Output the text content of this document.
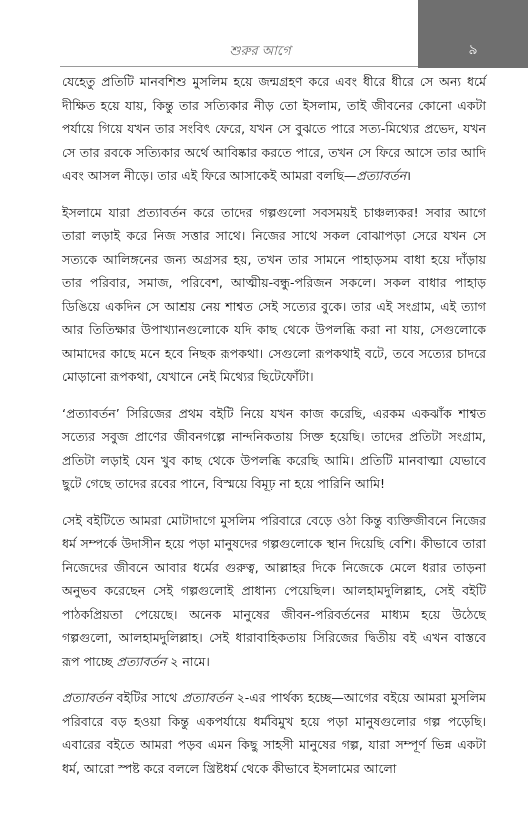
শুরুর আগে	৯

যেহেতু প্রতিটি মানবশিশু মুসলিম হয়ে জন্মগ্রহণ করে এবং ধীরে ধীরে সে অন্য ধর্মে দীক্ষিত হয়ে যায়, কিন্তু তার সত্যিকার নীড় তো ইসলাম, তাই জীবনের কোনো একটা পর্যায়ে গিয়ে যখন তার সংবিৎ ফেরে, যখন সে বুঝতে পারে সত্য-মিথ্যের প্রভেদ, যখন সে তার রবকে সত্যিকার অর্থে আবিষ্কার করতে পারে, তখন সে ফিরে আসে তার আদি এবং আসল নীড়ে। তার এই ফিরে আসাকেই আমরা বলছি—প্রত্যাবর্তন।

ইসলামে যারা প্রত্যাবর্তন করে তাদের গল্পগুলো সবসময়ই চাঞ্চল্যকর! সবার আগে তারা লড়াই করে নিজ সত্তার সাথে। নিজের সাথে সকল বোঝাপড়া সেরে যখন সে সত্যকে আলিঙ্গনের জন্য অগ্রসর হয়, তখন তার সামনে পাহাড়সম বাধা হয়ে দাঁড়ায় তার পরিবার, সমাজ, পরিবেশ, আত্মীয়-বন্ধু-পরিজন সকলে। সকল বাধার পাহাড় ডিঙিয়ে একদিন সে আশ্রয় নেয় শাশ্বত সেই সত্যের বুকে। তার এই সংগ্রাম, এই ত্যাগ আর তিতিক্ষার উপাখ্যানগুলোকে যদি কাছ থেকে উপলব্ধি করা না যায়, সেগুলোকে আমাদের কাছে মনে হবে নিছক রূপকথা। সেগুলো রূপকথাই বটে, তবে সত্যের চাদরে মোড়ানো রূপকথা, যেখানে নেই মিথ্যের ছিটেফোঁটা।

‘প্রত্যাবর্তন’ সিরিজের প্রথম বইটি নিয়ে যখন কাজ করেছি, এরকম একঝাঁক শাশ্বত সত্যের সবুজ প্রাণের জীবনগল্পে নান্দনিকতায় সিক্ত হয়েছি। তাদের প্রতিটা সংগ্রাম, প্রতিটা লড়াই যেন খুব কাছ থেকে উপলব্ধি করেছি আমি। প্রতিটি মানবাত্মা যেভাবে ছুটে গেছে তাদের রবের পানে, বিস্ময়ে বিমূঢ় না হয়ে পারিনি আমি!

সেই বইটিতে আমরা মোটাদাগে মুসলিম পরিবারে বেড়ে ওঠা কিন্তু ব্যক্তিজীবনে নিজের ধর্ম সম্পর্কে উদাসীন হয়ে পড়া মানুষদের গল্পগুলোকে স্থান দিয়েছি বেশি। কীভাবে তারা নিজেদের জীবনে আবার ধর্মের গুরুত্ব, আল্লাহর দিকে নিজেকে মেলে ধরার তাড়না অনুভব করেছেন সেই গল্পগুলোই প্রাধান্য পেয়েছিল। আলহামদুলিল্লাহ, সেই বইটি পাঠকপ্রিয়তা পেয়েছে। অনেক মানুষের জীবন-পরিবর্তনের মাধ্যম হয়ে উঠেছে গল্পগুলো, আলহামদুলিল্লাহ। সেই ধারাবাহিকতায় সিরিজের দ্বিতীয় বই এখন বাস্তবে রূপ পাচ্ছে প্রত্যাবর্তন ২ নামে।

প্রত্যাবর্তন বইটির সাথে প্রত্যাবর্তন ২-এর পার্থক্য হচ্ছে—আগের বইয়ে আমরা মুসলিম পরিবারে বড় হওয়া কিন্তু একপর্যায়ে ধর্মবিমুখ হয়ে পড়া মানুষগুলোর গল্প পড়েছি। এবারের বইতে আমরা পড়ব এমন কিছু সাহসী মানুষের গল্প, যারা সম্পূর্ণ ভিন্ন একটা ধর্ম, আরো স্পষ্ট করে বললে খ্রিষ্টধর্ম থেকে কীভাবে ইসলামের আলো
